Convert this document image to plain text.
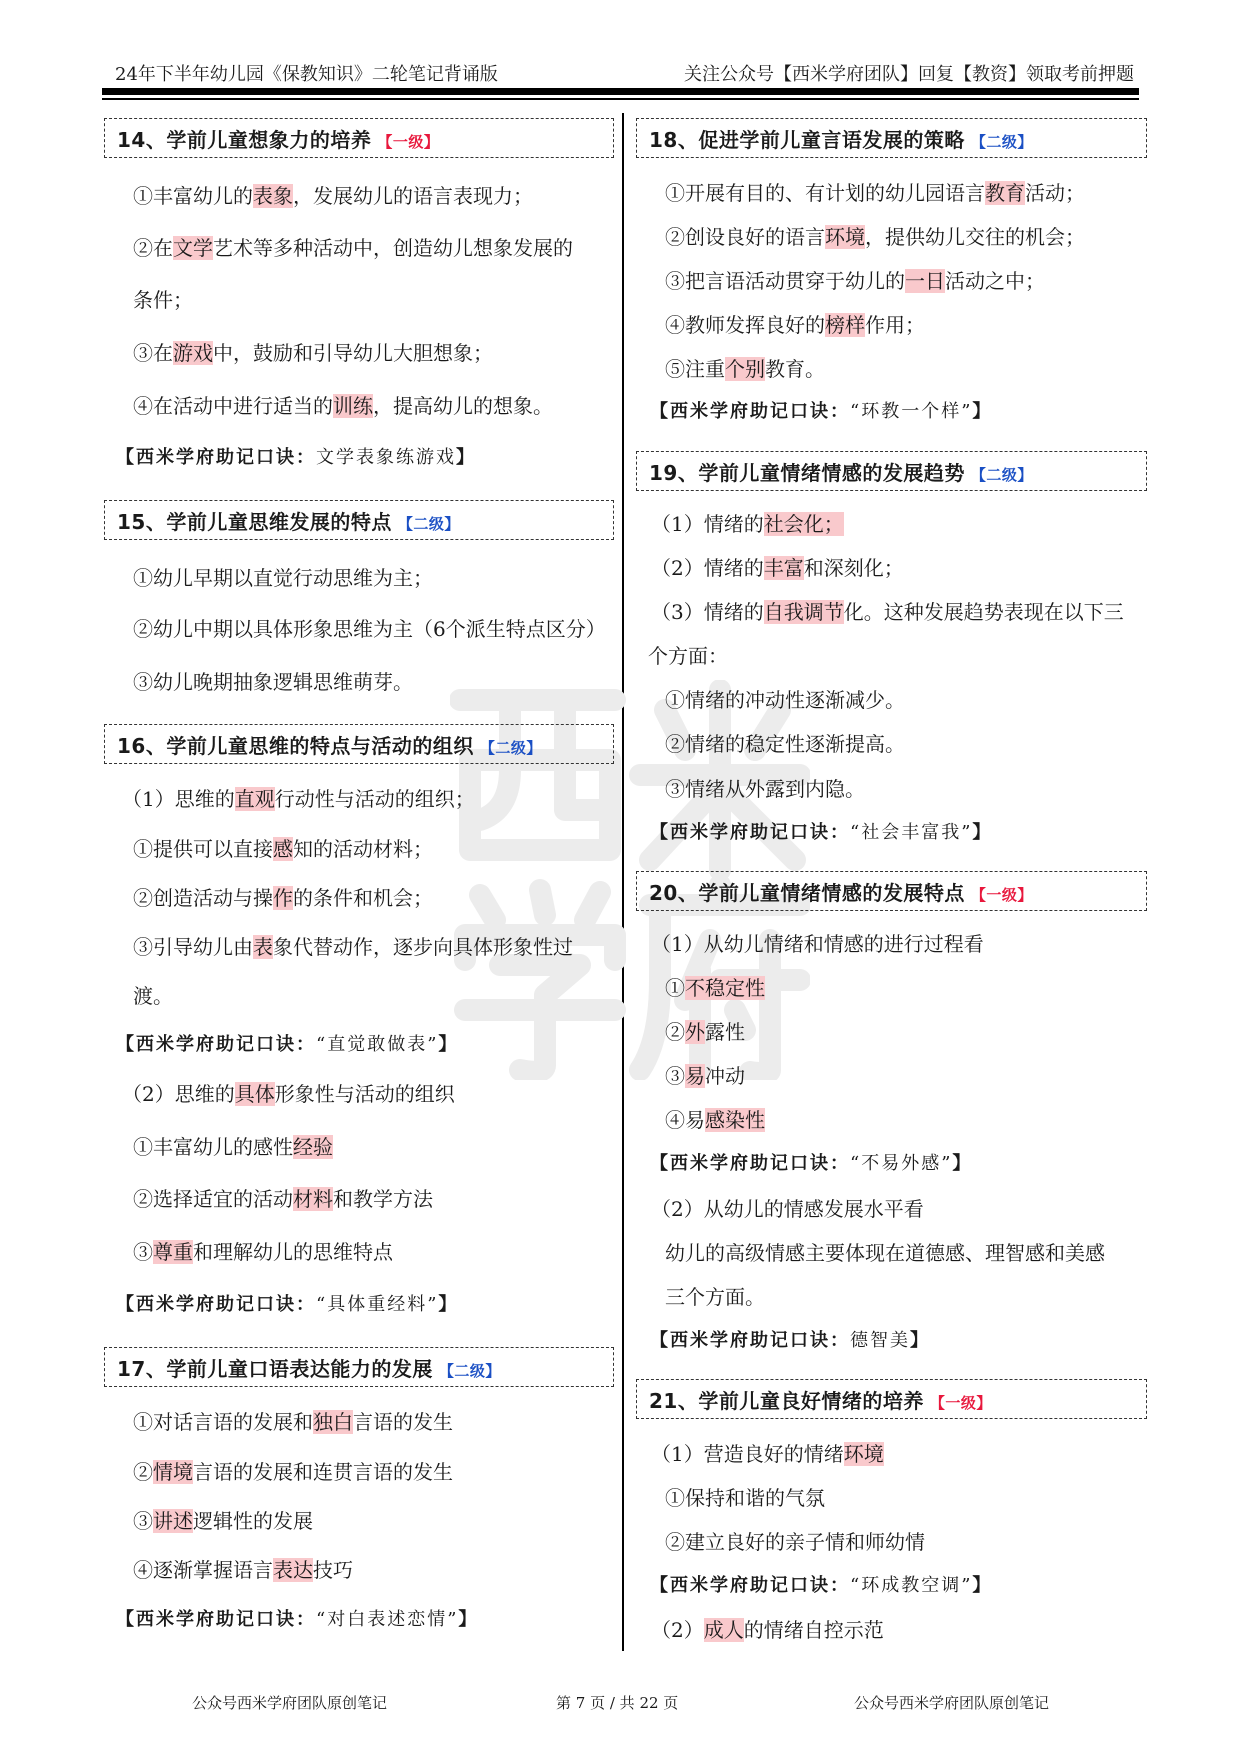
24年下半年幼儿园《保教知识》二轮笔记背诵版	关注公众号【西米学府团队】回复【教资】领取考前押题
14、学前儿童想象力的培养 【一级】
①丰富幼儿的表象，发展幼儿的语言表现力；
②在文学艺术等多种活动中，创造幼儿想象发展的
条件；
③在游戏中，鼓励和引导幼儿大胆想象；
④在活动中进行适当的训练，提高幼儿的想象。
【西米学府助记口诀：文学表象练游戏】
15、学前儿童思维发展的特点 【二级】
①幼儿早期以直觉行动思维为主；
②幼儿中期以具体形象思维为主（6个派生特点区分）
③幼儿晚期抽象逻辑思维萌芽。
16、学前儿童思维的特点与活动的组织 【二级】
（1）思维的直观行动性与活动的组织；
①提供可以直接感知的活动材料；
②创造活动与操作的条件和机会；
③引导幼儿由表象代替动作，逐步向具体形象性过
渡。
【西米学府助记口诀：“直觉敢做表”】
（2）思维的具体形象性与活动的组织
①丰富幼儿的感性经验
②选择适宜的活动材料和教学方法
③尊重和理解幼儿的思维特点
【西米学府助记口诀：“具体重经料”】
17、学前儿童口语表达能力的发展 【二级】
①对话言语的发展和独白言语的发生
②情境言语的发展和连贯言语的发生
③讲述逻辑性的发展
④逐渐掌握语言表达技巧
【西米学府助记口诀：“对白表述恋情”】
18、促进学前儿童言语发展的策略 【二级】
①开展有目的、有计划的幼儿园语言教育活动；
②创设良好的语言环境，提供幼儿交往的机会；
③把言语活动贯穿于幼儿的一日活动之中；
④教师发挥良好的榜样作用；
⑤注重个别教育。
【西米学府助记口诀：“环教一个样”】
19、学前儿童情绪情感的发展趋势 【二级】
（1）情绪的社会化；
（2）情绪的丰富和深刻化；
（3）情绪的自我调节化。这种发展趋势表现在以下三
个方面：
①情绪的冲动性逐渐减少。
②情绪的稳定性逐渐提高。
③情绪从外露到内隐。
【西米学府助记口诀：“社会丰富我”】
20、学前儿童情绪情感的发展特点 【一级】
（1）从幼儿情绪和情感的进行过程看
①不稳定性
②外露性
③易冲动
④易感染性
【西米学府助记口诀：“不易外感”】
（2）从幼儿的情感发展水平看
幼儿的高级情感主要体现在道德感、理智感和美感
三个方面。
【西米学府助记口诀：德智美】
21、学前儿童良好情绪的培养 【一级】
（1）营造良好的情绪环境
①保持和谐的气氛
②建立良好的亲子情和师幼情
【西米学府助记口诀：“环成教空调”】
（2）成人的情绪自控示范
公众号西米学府团队原创笔记	第 7 页 / 共 22 页	公众号西米学府团队原创笔记
